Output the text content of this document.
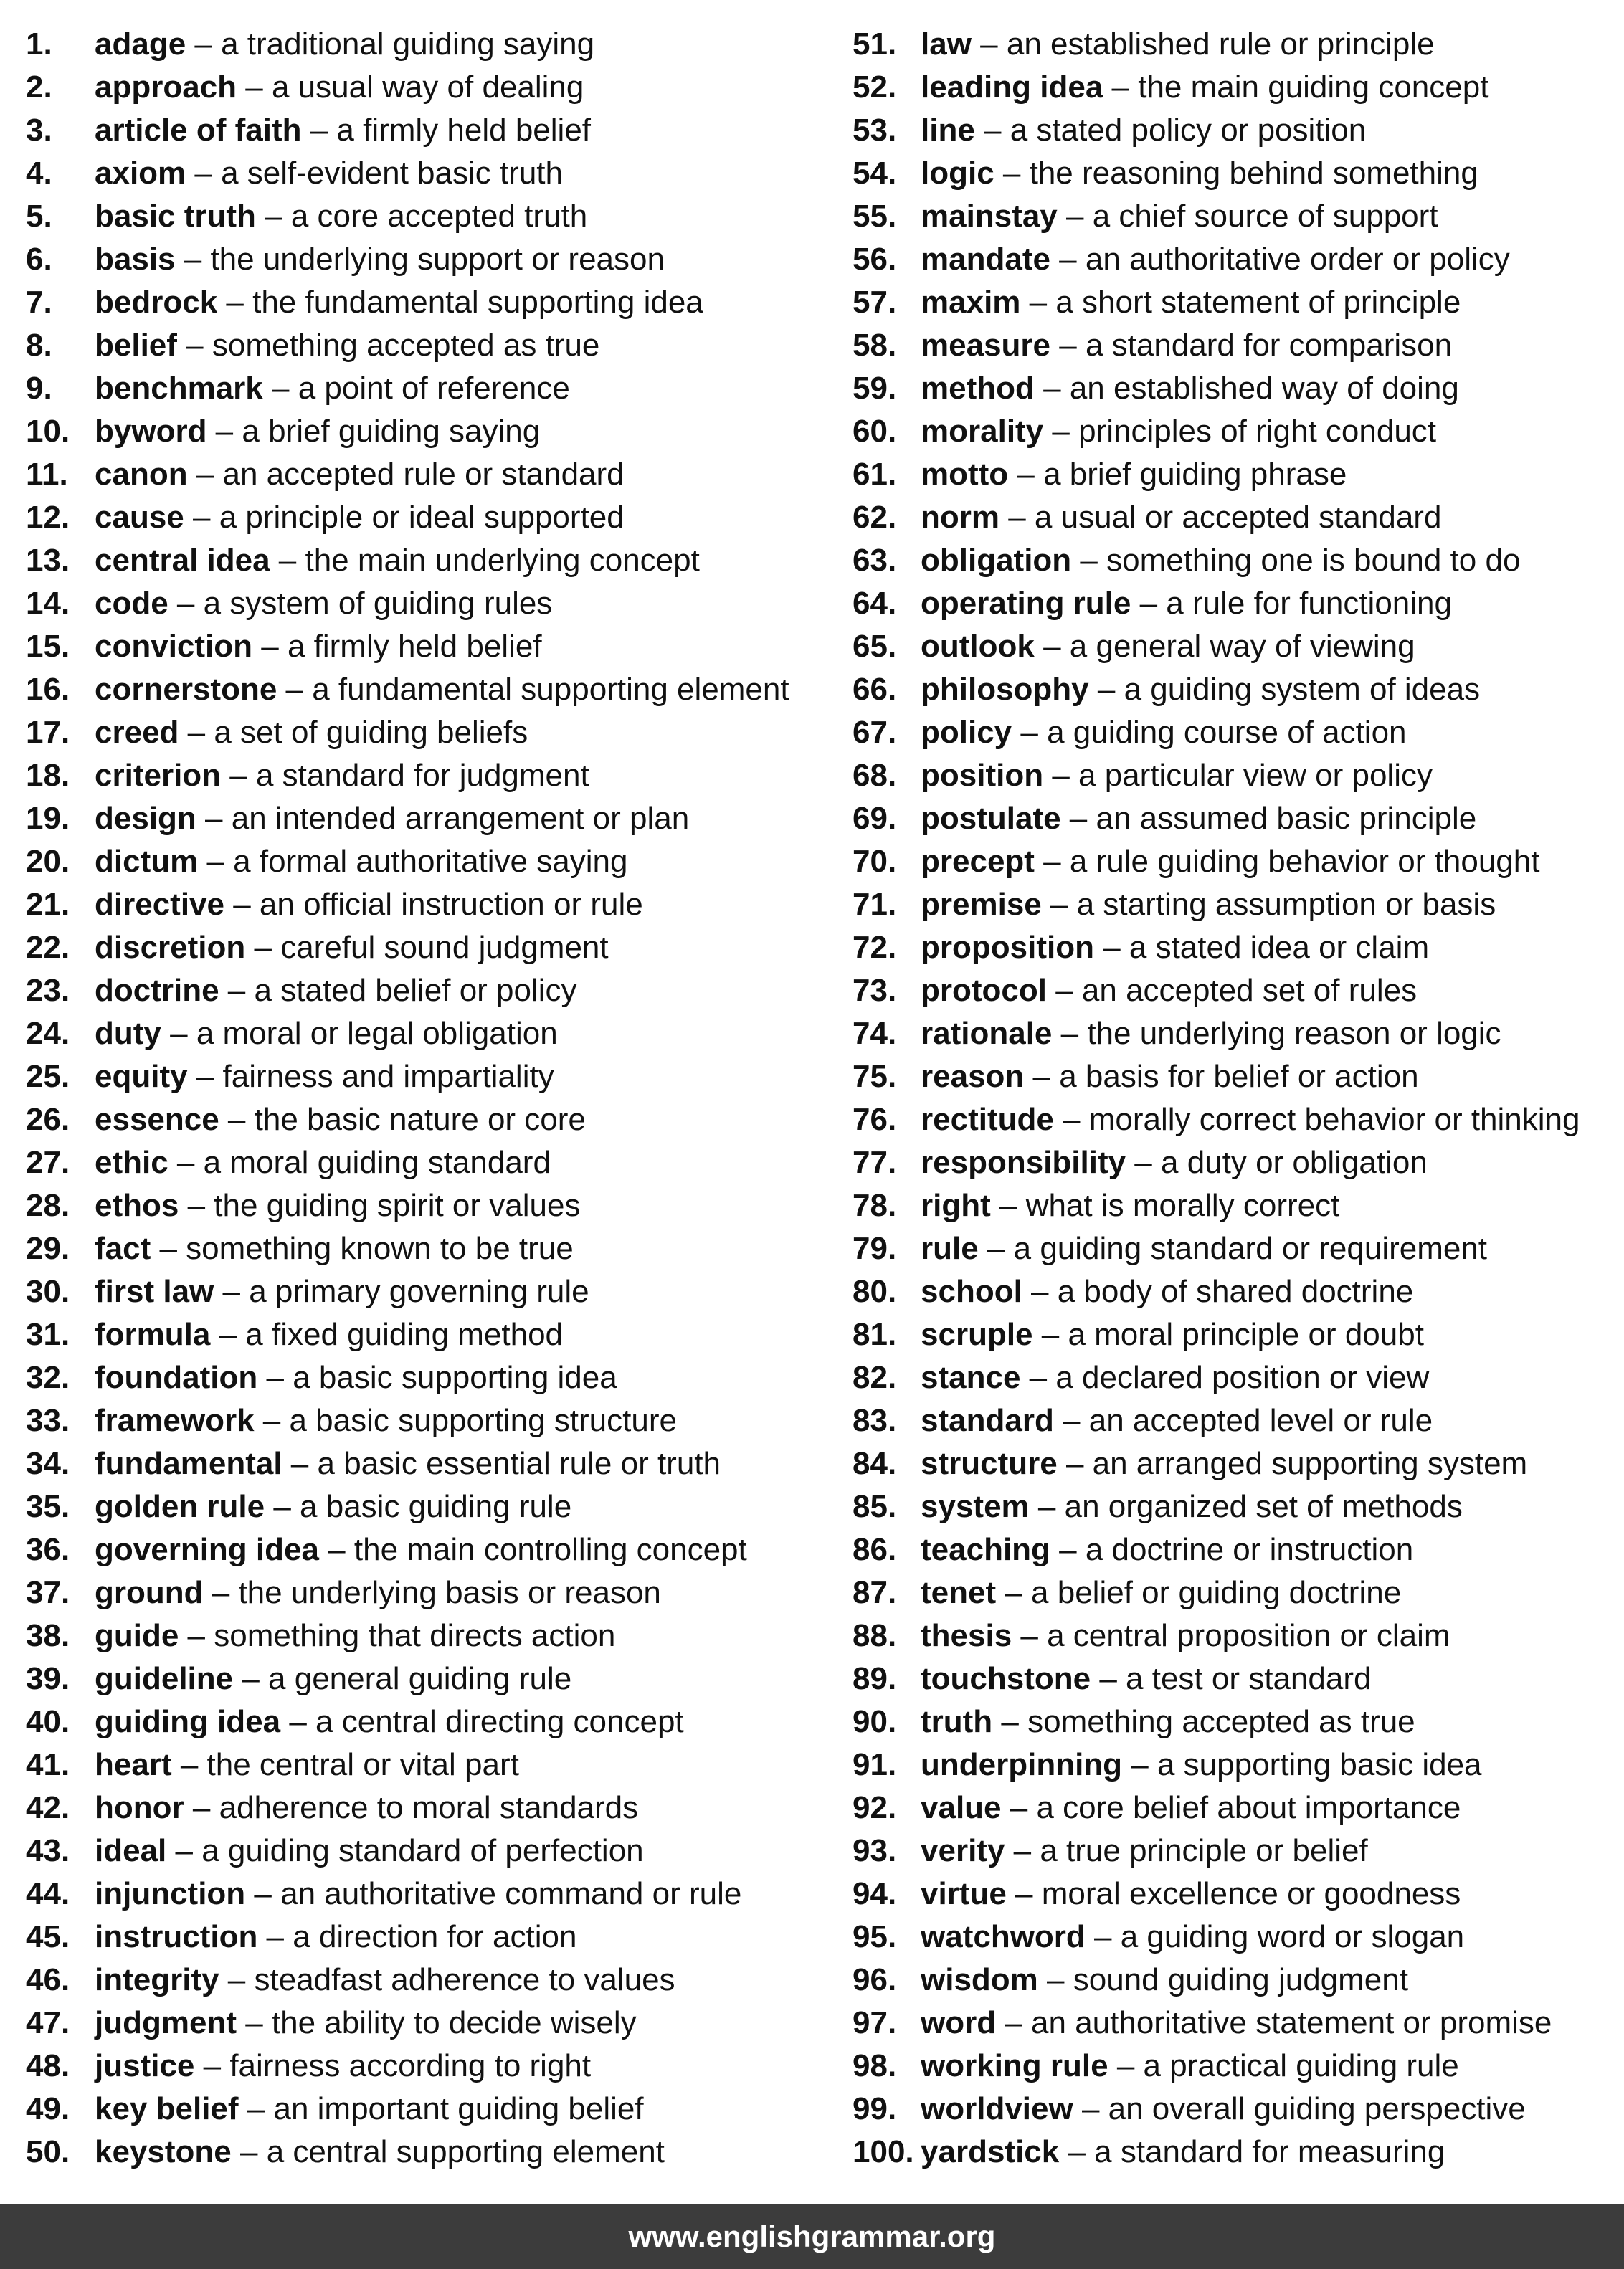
1. adage – a traditional guiding saying
2. approach – a usual way of dealing
3. article of faith – a firmly held belief
4. axiom – a self-evident basic truth
5. basic truth – a core accepted truth
6. basis – the underlying support or reason
7. bedrock – the fundamental supporting idea
8. belief – something accepted as true
9. benchmark – a point of reference
10. byword – a brief guiding saying
11. canon – an accepted rule or standard
12. cause – a principle or ideal supported
13. central idea – the main underlying concept
14. code – a system of guiding rules
15. conviction – a firmly held belief
16. cornerstone – a fundamental supporting element
17. creed – a set of guiding beliefs
18. criterion – a standard for judgment
19. design – an intended arrangement or plan
20. dictum – a formal authoritative saying
21. directive – an official instruction or rule
22. discretion – careful sound judgment
23. doctrine – a stated belief or policy
24. duty – a moral or legal obligation
25. equity – fairness and impartiality
26. essence – the basic nature or core
27. ethic – a moral guiding standard
28. ethos – the guiding spirit or values
29. fact – something known to be true
30. first law – a primary governing rule
31. formula – a fixed guiding method
32. foundation – a basic supporting idea
33. framework – a basic supporting structure
34. fundamental – a basic essential rule or truth
35. golden rule – a basic guiding rule
36. governing idea – the main controlling concept
37. ground – the underlying basis or reason
38. guide – something that directs action
39. guideline – a general guiding rule
40. guiding idea – a central directing concept
41. heart – the central or vital part
42. honor – adherence to moral standards
43. ideal – a guiding standard of perfection
44. injunction – an authoritative command or rule
45. instruction – a direction for action
46. integrity – steadfast adherence to values
47. judgment – the ability to decide wisely
48. justice – fairness according to right
49. key belief – an important guiding belief
50. keystone – a central supporting element
51. law – an established rule or principle
52. leading idea – the main guiding concept
53. line – a stated policy or position
54. logic – the reasoning behind something
55. mainstay – a chief source of support
56. mandate – an authoritative order or policy
57. maxim – a short statement of principle
58. measure – a standard for comparison
59. method – an established way of doing
60. morality – principles of right conduct
61. motto – a brief guiding phrase
62. norm – a usual or accepted standard
63. obligation – something one is bound to do
64. operating rule – a rule for functioning
65. outlook – a general way of viewing
66. philosophy – a guiding system of ideas
67. policy – a guiding course of action
68. position – a particular view or policy
69. postulate – an assumed basic principle
70. precept – a rule guiding behavior or thought
71. premise – a starting assumption or basis
72. proposition – a stated idea or claim
73. protocol – an accepted set of rules
74. rationale – the underlying reason or logic
75. reason – a basis for belief or action
76. rectitude – morally correct behavior or thinking
77. responsibility – a duty or obligation
78. right – what is morally correct
79. rule – a guiding standard or requirement
80. school – a body of shared doctrine
81. scruple – a moral principle or doubt
82. stance – a declared position or view
83. standard – an accepted level or rule
84. structure – an arranged supporting system
85. system – an organized set of methods
86. teaching – a doctrine or instruction
87. tenet – a belief or guiding doctrine
88. thesis – a central proposition or claim
89. touchstone – a test or standard
90. truth – something accepted as true
91. underpinning – a supporting basic idea
92. value – a core belief about importance
93. verity – a true principle or belief
94. virtue – moral excellence or goodness
95. watchword – a guiding word or slogan
96. wisdom – sound guiding judgment
97. word – an authoritative statement or promise
98. working rule – a practical guiding rule
99. worldview – an overall guiding perspective
100. yardstick – a standard for measuring
www.englishgrammar.org
